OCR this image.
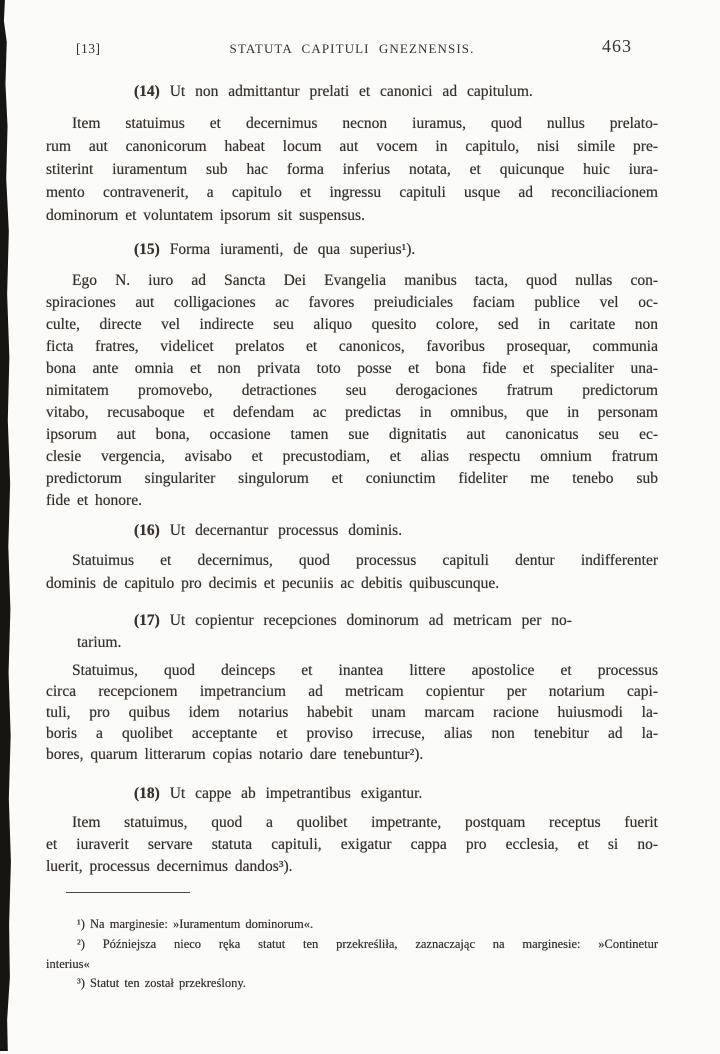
[13]	STATUTA CAPITULI GNEZNENSIS.	463
(14) Ut non admittantur prelati et canonici ad capitulum.
Item statuimus et decernimus necnon iuramus, quod nullus prelato-
rum aut canonicorum habeat locum aut vocem in capitulo, nisi simile pre-
stiterint iuramentum sub hac forma inferius notata, et quicunque huic iura-
mento contravenerit, a capitulo et ingressu capituli usque ad reconciliacionem
dominorum et voluntatem ipsorum sit suspensus.
(15) Forma iuramenti, de qua superius¹).
Ego N. iuro ad Sancta Dei Evangelia manibus tacta, quod nullas con-
spiraciones aut colligaciones ac favores preiudiciales faciam publice vel oc-
culte, directe vel indirecte seu aliquo quesito colore, sed in caritate non
ficta fratres, videlicet prelatos et canonicos, favoribus prosequar, communia
bona ante omnia et non privata toto posse et bona fide et specialiter una-
nimitatem promovebo, detractiones seu derogaciones fratrum predictorum
vitabo, recusaboque et defendam ac predictas in omnibus, que in personam
ipsorum aut bona, occasione tamen sue dignitatis aut canonicatus seu ec-
clesie vergencia, avisabo et precustodiam, et alias respectu omnium fratrum
predictorum singulariter singulorum et coniunctim fideliter me tenebo sub
fide et honore.
(16) Ut decernantur processus dominis.
Statuimus et decernimus, quod processus capituli dentur indifferenter
dominis de capitulo pro decimis et pecuniis ac debitis quibuscunque.
(17) Ut copientur recepciones dominorum ad metricam per no-
tarium.
Statuimus, quod deinceps et inantea littere apostolice et processus
circa recepcionem impetrancium ad metricam copientur per notarium capi-
tuli, pro quibus idem notarius habebit unam marcam racione huiusmodi la-
boris a quolibet acceptante et proviso irrecuse, alias non tenebitur ad la-
bores, quarum litterarum copias notario dare tenebuntur²).
(18) Ut cappe ab impetrantibus exigantur.
Item statuimus, quod a quolibet impetrante, postquam receptus fuerit
et iuraverit servare statuta capituli, exigatur cappa pro ecclesia, et si no-
luerit, processus decernimus dandos³).
¹) Na marginesie: »Iuramentum dominorum«.
²) Późniejsza nieco ręka statut ten przekreśliła, zaznaczając na marginesie: »Continetur
interius«
³) Statut ten został przekreślony.
